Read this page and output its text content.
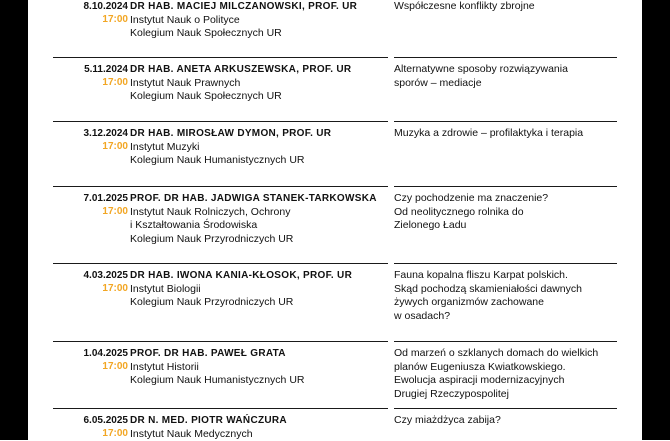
8.10.2024
17:00
DR HAB. MACIEJ MILCZANOWSKI, PROF. UR
Instytut Nauk o Polityce
Kolegium Nauk Społecznych UR
Współczesne konflikty zbrojne
5.11.2024
17:00
DR HAB. ANETA ARKUSZEWSKA, PROF. UR
Instytut Nauk Prawnych
Kolegium Nauk Społecznych UR
Alternatywne sposoby rozwiązywania
sporów – mediacje
3.12.2024
17:00
DR HAB. MIROSŁAW DYMON, PROF. UR
Instytut Muzyki
Kolegium Nauk Humanistycznych UR
Muzyka a zdrowie – profilaktyka i terapia
7.01.2025
17:00
PROF. DR HAB. JADWIGA STANEK-TARKOWSKA
Instytut Nauk Rolniczych, Ochrony
i Kształtowania Środowiska
Kolegium Nauk Przyrodniczych UR
Czy pochodzenie ma znaczenie?
Od neolitycznego rolnika do
Zielonego Ładu
4.03.2025
17:00
DR HAB. IWONA KANIA-KŁOSOK, PROF. UR
Instytut Biologii
Kolegium Nauk Przyrodniczych UR
Fauna kopalna fliszu Karpat polskich.
Skąd pochodzą skamieniałości dawnych
żywych organizmów zachowane
w osadach?
1.04.2025
17:00
PROF. DR HAB. PAWEŁ GRATA
Instytut Historii
Kolegium Nauk Humanistycznych UR
Od marzeń o szklanych domach do wielkich
planów Eugeniusza Kwiatkowskiego.
Ewolucja aspiracji modernizacyjnych
Drugiej Rzeczypospolitej
6.05.2025
17:00
DR N. MED. PIOTR WAŃCZURA
Instytut Nauk Medycznych
Czy miażdżyca zabija?
